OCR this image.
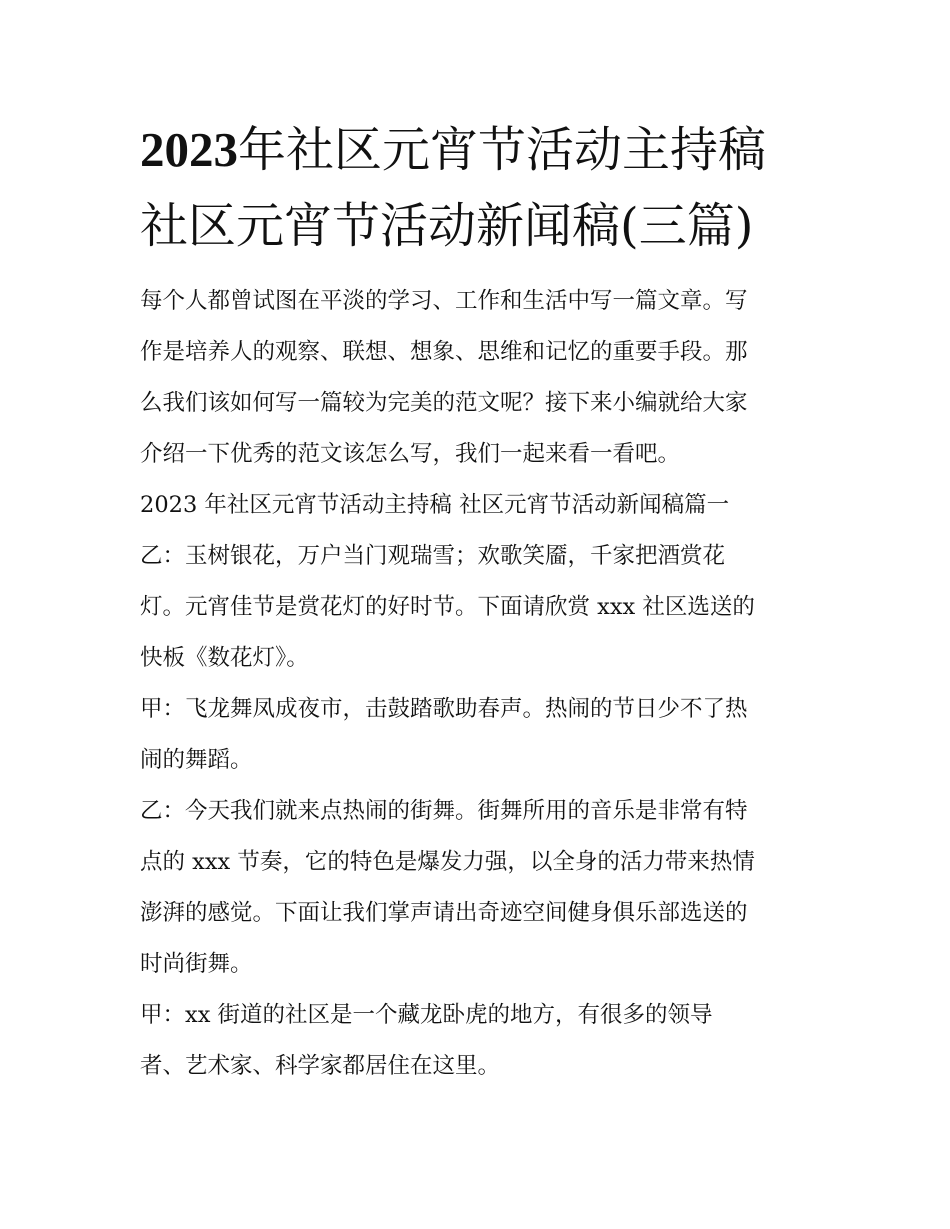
2023年社区元宵节活动主持稿
社区元宵节活动新闻稿(三篇)

每个人都曾试图在平淡的学习、工作和生活中写一篇文章。写
作是培养人的观察、联想、想象、思维和记忆的重要手段。那
么我们该如何写一篇较为完美的范文呢？接下来小编就给大家
介绍一下优秀的范文该怎么写，我们一起来看一看吧。

2023 年社区元宵节活动主持稿 社区元宵节活动新闻稿篇一

乙：玉树银花，万户当门观瑞雪；欢歌笑靥，千家把酒赏花
灯。元宵佳节是赏花灯的好时节。下面请欣赏 xxx 社区选送的
快板《数花灯》。

甲：飞龙舞凤成夜市，击鼓踏歌助春声。热闹的节日少不了热
闹的舞蹈。

乙：今天我们就来点热闹的街舞。街舞所用的音乐是非常有特
点的 xxx 节奏，它的特色是爆发力强，以全身的活力带来热情
澎湃的感觉。下面让我们掌声请出奇迹空间健身俱乐部选送的
时尚街舞。

甲：xx 街道的社区是一个藏龙卧虎的地方，有很多的领导
者、艺术家、科学家都居住在这里。
